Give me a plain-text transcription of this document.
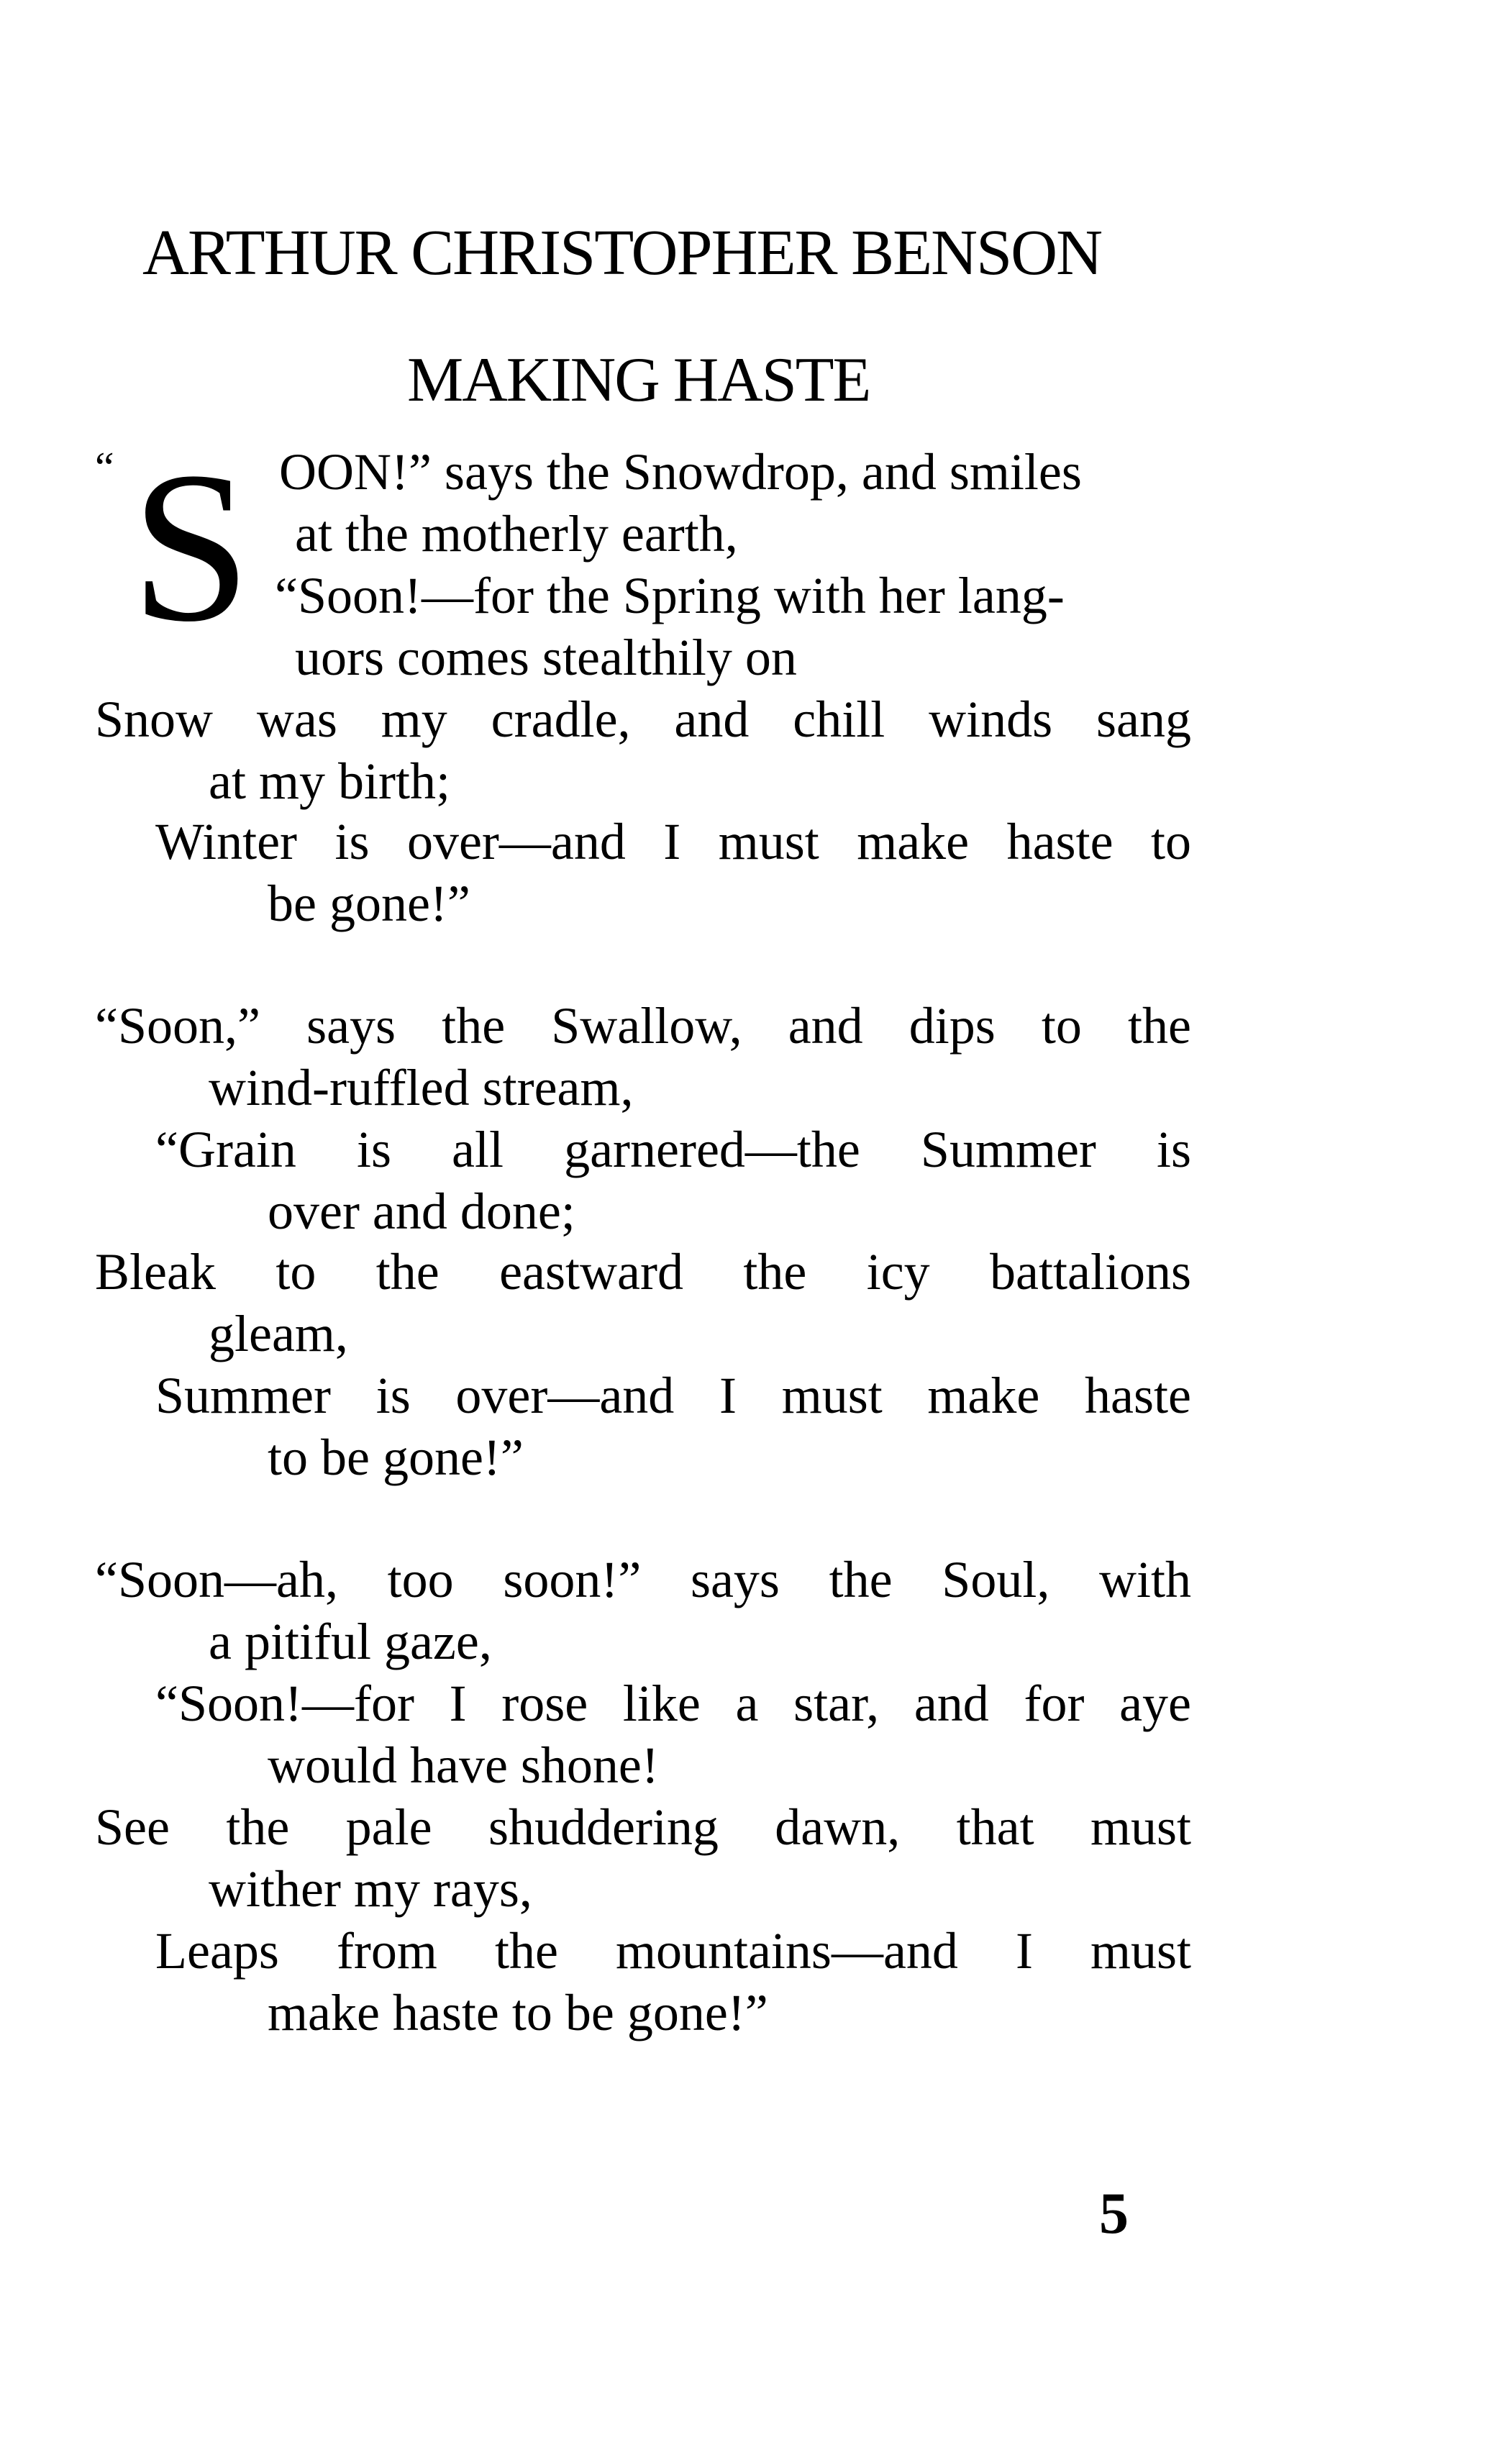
ARTHUR CHRISTOPHER BENSON
MAKING HASTE
“ S OON!” says the Snowdrop, and smiles
at the motherly earth,
“Soon!—for the Spring with her lang-
uors comes stealthily on
Snow was my cradle, and chill winds sang
at my birth;
Winter is over—and I must make haste to
be gone!”
“Soon,” says the Swallow, and dips to the
wind-ruffled stream,
“Grain is all garnered—the Summer is
over and done;
Bleak to the eastward the icy battalions
gleam,
Summer is over—and I must make haste
to be gone!”
“Soon—ah, too soon!” says the Soul, with
a pitiful gaze,
“Soon!—for I rose like a star, and for aye
would have shone!
See the pale shuddering dawn, that must
wither my rays,
Leaps from the mountains—and I must
make haste to be gone!”
5
